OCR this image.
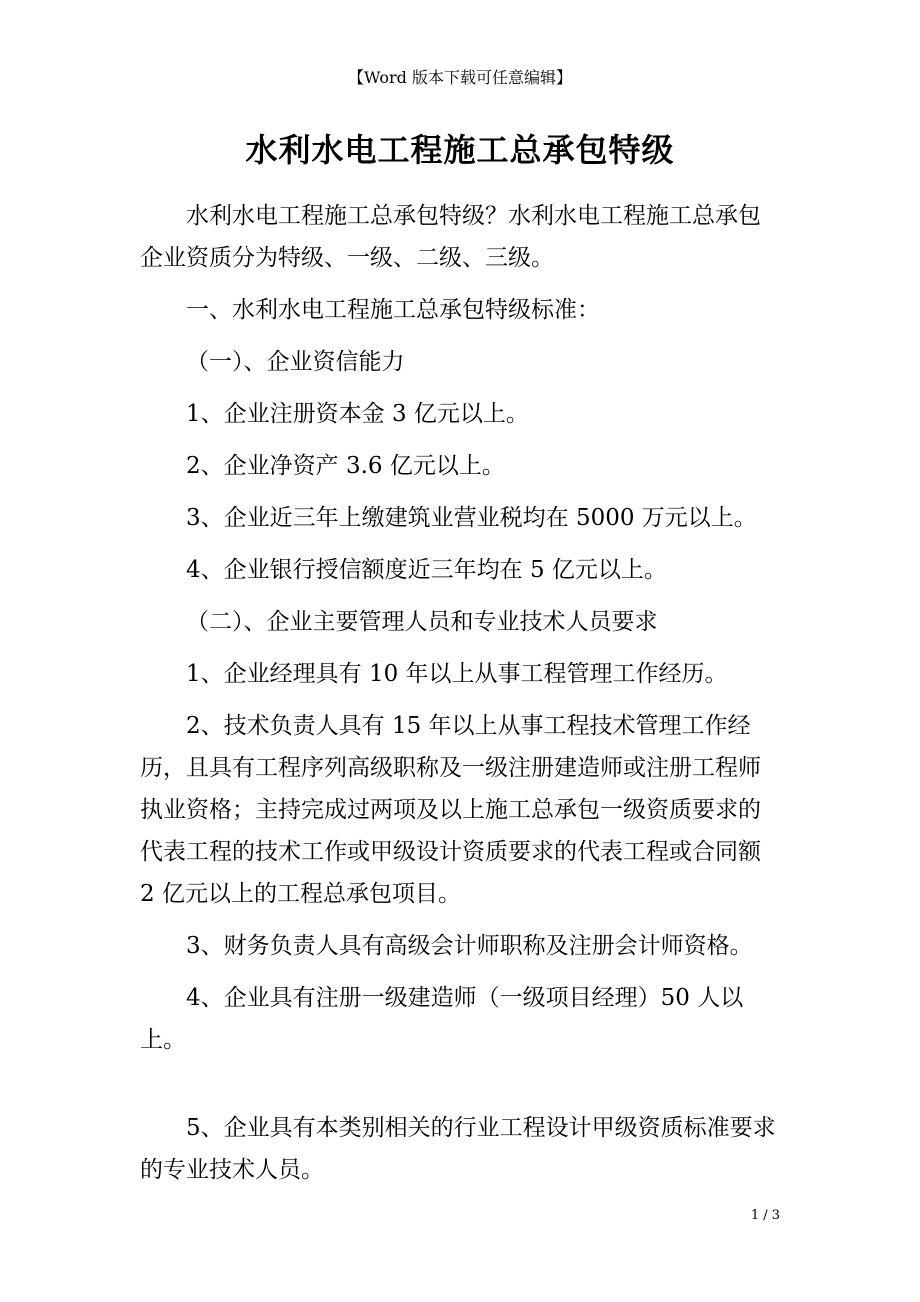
【Word 版本下载可任意编辑】
水利水电工程施工总承包特级

水利水电工程施工总承包特级？水利水电工程施工总承包企业资质分为特级、一级、二级、三级。

一、水利水电工程施工总承包特级标准：

（一）、企业资信能力

1、企业注册资本金 3 亿元以上。

2、企业净资产 3.6 亿元以上。

3、企业近三年上缴建筑业营业税均在 5000 万元以上。

4、企业银行授信额度近三年均在 5 亿元以上。

（二）、企业主要管理人员和专业技术人员要求

1、企业经理具有 10 年以上从事工程管理工作经历。

2、技术负责人具有 15 年以上从事工程技术管理工作经历，且具有工程序列高级职称及一级注册建造师或注册工程师执业资格；主持完成过两项及以上施工总承包一级资质要求的代表工程的技术工作或甲级设计资质要求的代表工程或合同额 2 亿元以上的工程总承包项目。

3、财务负责人具有高级会计师职称及注册会计师资格。

4、企业具有注册一级建造师（一级项目经理）50 人以上。

5、企业具有本类别相关的行业工程设计甲级资质标准要求的专业技术人员。

1 / 3
